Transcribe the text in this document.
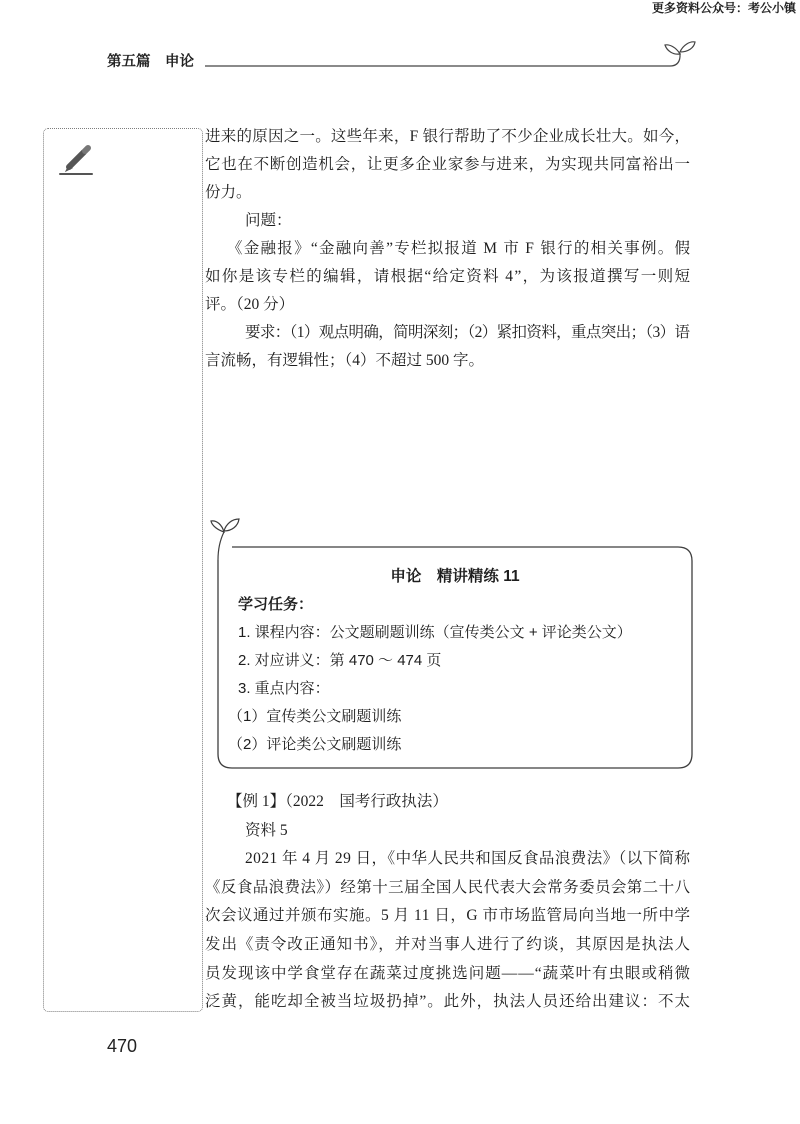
更多资料公众号：考公小镇
第五篇　申论
进来的原因之一。这些年来，F 银行帮助了不少企业成长壮大。如今，
它也在不断创造机会，让更多企业家参与进来，为实现共同富裕出一
份力。
问题：
《金融报》“金融向善”专栏拟报道 M 市 F 银行的相关事例。假
如你是该专栏的编辑，请根据“给定资料 4”，为该报道撰写一则短
评。（20 分）
要求：（1）观点明确，简明深刻；（2）紧扣资料，重点突出；（3）语
言流畅，有逻辑性；（4）不超过 500 字。
申论　精讲精练 11
学习任务：
1. 课程内容：公文题刷题训练（宣传类公文 + 评论类公文）
2. 对应讲义：第 470 ～ 474 页
3. 重点内容：
（1）宣传类公文刷题训练
（2）评论类公文刷题训练
【例 1】（2022　国考行政执法）
资料 5
2021 年 4 月 29 日，《中华人民共和国反食品浪费法》（以下简称
《反食品浪费法》）经第十三届全国人民代表大会常务委员会第二十八
次会议通过并颁布实施。5 月 11 日，G 市市场监管局向当地一所中学
发出《责令改正通知书》，并对当事人进行了约谈，其原因是执法人
员发现该中学食堂存在蔬菜过度挑选问题——“蔬菜叶有虫眼或稍微
泛黄，能吃却全被当垃圾扔掉”。此外，执法人员还给出建议：不太
470
